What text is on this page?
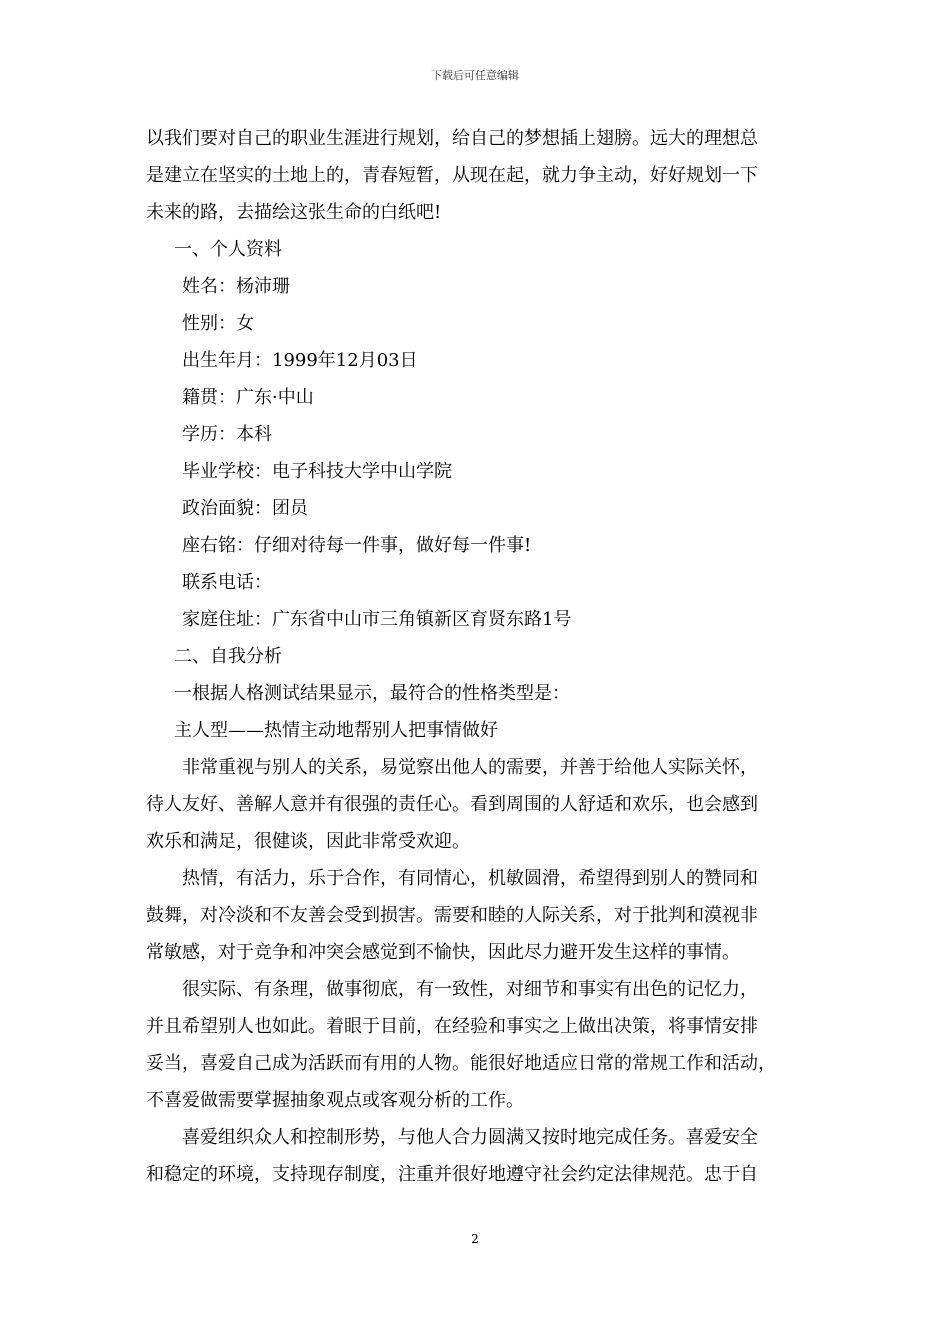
下载后可任意编辑

以我们要对自己的职业生涯进行规划，给自己的梦想插上翅膀。远大的理想总

是建立在坚实的土地上的，青春短暂，从现在起，就力争主动，好好规划一下

未来的路，去描绘这张生命的白纸吧!

一、个人资料

姓名：杨沛珊

性别：女

出生年月：1999年12月03日

籍贯：广东·中山

学历：本科

毕业学校：电子科技大学中山学院

政治面貌：团员

座右铭：仔细对待每一件事，做好每一件事!

联系电话：

家庭住址：广东省中山市三角镇新区育贤东路1号

二、自我分析

一根据人格测试结果显示，最符合的性格类型是：

主人型——热情主动地帮别人把事情做好

非常重视与别人的关系，易觉察出他人的需要，并善于给他人实际关怀，

待人友好、善解人意并有很强的责任心。看到周围的人舒适和欢乐，也会感到

欢乐和满足，很健谈，因此非常受欢迎。

热情，有活力，乐于合作，有同情心，机敏圆滑，希望得到别人的赞同和

鼓舞，对冷淡和不友善会受到损害。需要和睦的人际关系，对于批判和漠视非

常敏感，对于竞争和冲突会感觉到不愉快，因此尽力避开发生这样的事情。

很实际、有条理，做事彻底，有一致性，对细节和事实有出色的记忆力，

并且希望别人也如此。着眼于目前，在经验和事实之上做出决策，将事情安排

妥当，喜爱自己成为活跃而有用的人物。能很好地适应日常的常规工作和活动，

不喜爱做需要掌握抽象观点或客观分析的工作。

喜爱组织众人和控制形势，与他人合力圆满又按时地完成任务。喜爱安全

和稳定的环境，支持现存制度，注重并很好地遵守社会约定法律规范。忠于自

2
